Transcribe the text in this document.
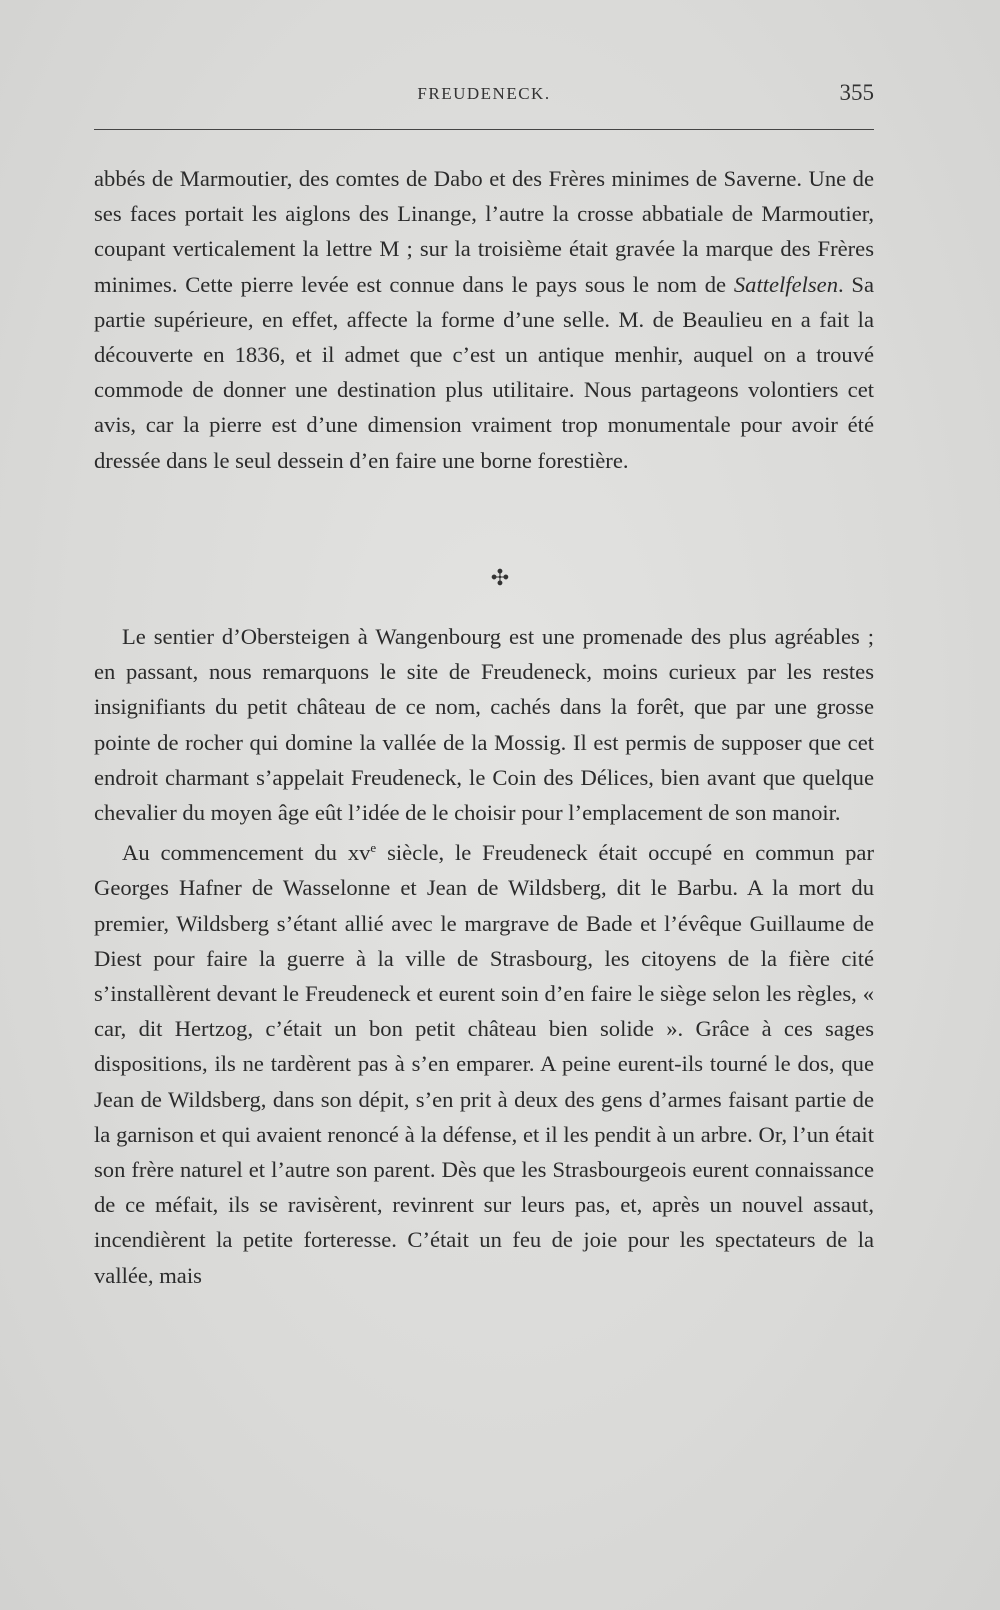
FREUDENECK.	355

abbés de Marmoutier, des comtes de Dabo et des Frères minimes de Saverne. Une de ses faces portait les aiglons des Linange, l’autre la crosse abbatiale de Marmoutier, coupant verticalement la lettre M ; sur la troisième était gravée la marque des Frères minimes. Cette pierre levée est connue dans le pays sous le nom de Sattelfelsen. Sa partie supérieure, en effet, affecte la forme d’une selle. M. de Beaulieu en a fait la découverte en 1836, et il admet que c’est un antique menhir, auquel on a trouvé commode de donner une destination plus utilitaire. Nous partageons volontiers cet avis, car la pierre est d’une dimension vraiment trop monumentale pour avoir été dressée dans le seul dessein d’en faire une borne forestière.

✣

Le sentier d’Obersteigen à Wangenbourg est une promenade des plus agréables ; en passant, nous remarquons le site de Freudeneck, moins curieux par les restes insignifiants du petit château de ce nom, cachés dans la forêt, que par une grosse pointe de rocher qui domine la vallée de la Mossig. Il est permis de supposer que cet endroit charmant s’appelait Freudeneck, le Coin des Délices, bien avant que quelque chevalier du moyen âge eût l’idée de le choisir pour l’emplacement de son manoir.

Au commencement du $xv^e$ siècle, le Freudeneck était occupé en commun par Georges Hafner de Wasselonne et Jean de Wildsberg, dit le Barbu. A la mort du premier, Wildsberg s’étant allié avec le margrave de Bade et l’évêque Guillaume de Diest pour faire la guerre à la ville de Strasbourg, les citoyens de la fière cité s’installèrent devant le Freudeneck et eurent soin d’en faire le siège selon les règles, « car, dit Hertzog, c’était un bon petit château bien solide ». Grâce à ces sages dispositions, ils ne tardèrent pas à s’en emparer. A peine eurent-ils tourné le dos, que Jean de Wildsberg, dans son dépit, s’en prit à deux des gens d’armes faisant partie de la garnison et qui avaient renoncé à la défense, et il les pendit à un arbre. Or, l’un était son frère naturel et l’autre son parent. Dès que les Strasbourgeois eurent connaissance de ce méfait, ils se ravisèrent, revinrent sur leurs pas, et, après un nouvel assaut, incendièrent la petite forteresse. C’était un feu de joie pour les spectateurs de la vallée, mais
